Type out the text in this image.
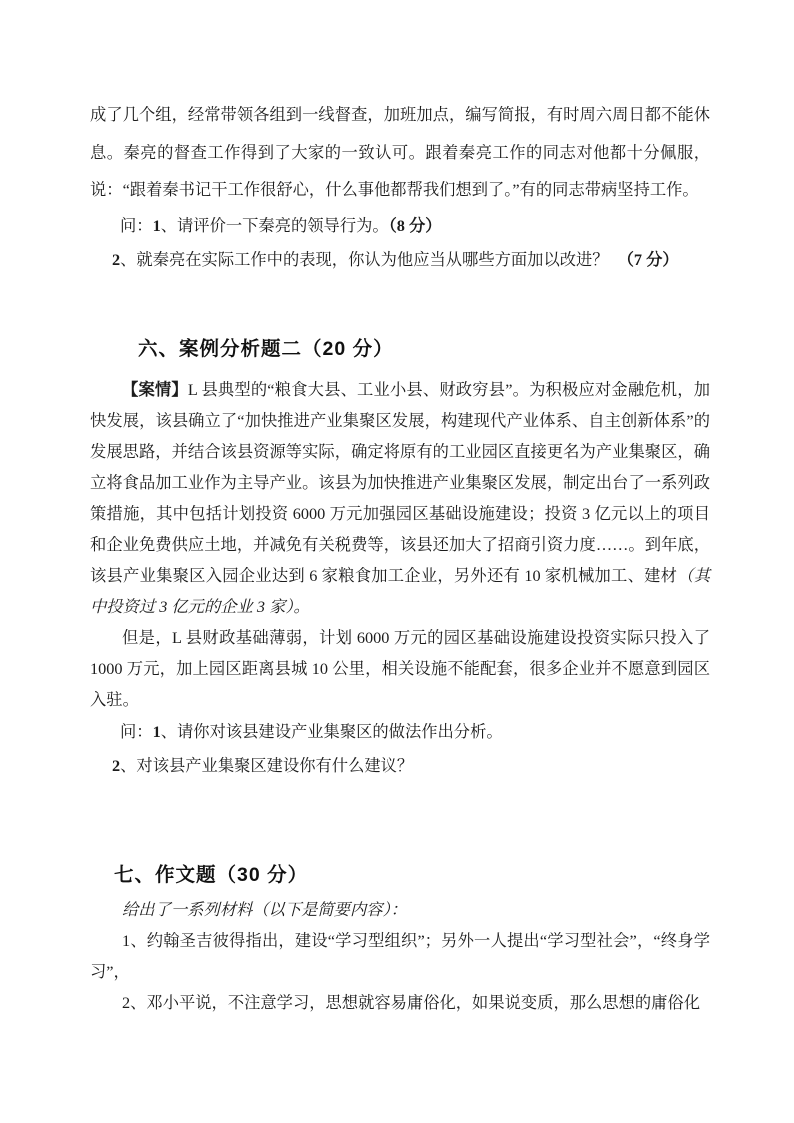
成了几个组，经常带领各组到一线督查，加班加点，编写简报，有时周六周日都不能休息。秦亮的督查工作得到了大家的一致认可。跟着秦亮工作的同志对他都十分佩服，说：“跟着秦书记干工作很舒心，什么事他都帮我们想到了。”有的同志带病坚持工作。

问：1、请评价一下秦亮的领导行为。（8 分）

2、就秦亮在实际工作中的表现，你认为他应当从哪些方面加以改进？ （7 分）

六、案例分析题二（20 分）

【案情】L 县典型的“粮食大县、工业小县、财政穷县”。为积极应对金融危机，加快发展，该县确立了“加快推进产业集聚区发展，构建现代产业体系、自主创新体系”的发展思路，并结合该县资源等实际，确定将原有的工业园区直接更名为产业集聚区，确立将食品加工业作为主导产业。该县为加快推进产业集聚区发展，制定出台了一系列政策措施，其中包括计划投资 6000 万元加强园区基础设施建设；投资 3 亿元以上的项目和企业免费供应土地，并减免有关税费等，该县还加大了招商引资力度……。到年底，该县产业集聚区入园企业达到 6 家粮食加工企业，另外还有 10 家机械加工、建材（其中投资过 3 亿元的企业 3 家）。

但是，L 县财政基础薄弱，计划 6000 万元的园区基础设施建设投资实际只投入了 1000 万元，加上园区距离县城 10 公里，相关设施不能配套，很多企业并不愿意到园区入驻。

问：1、请你对该县建设产业集聚区的做法作出分析。

2、对该县产业集聚区建设你有什么建议？

七、作文题（30 分）

给出了一系列材料（以下是简要内容）：

1、约翰圣吉彼得指出，建设“学习型组织”；另外一人提出“学习型社会”，“终身学习”，

2、邓小平说，不注意学习，思想就容易庸俗化，如果说变质，那么思想的庸俗化
